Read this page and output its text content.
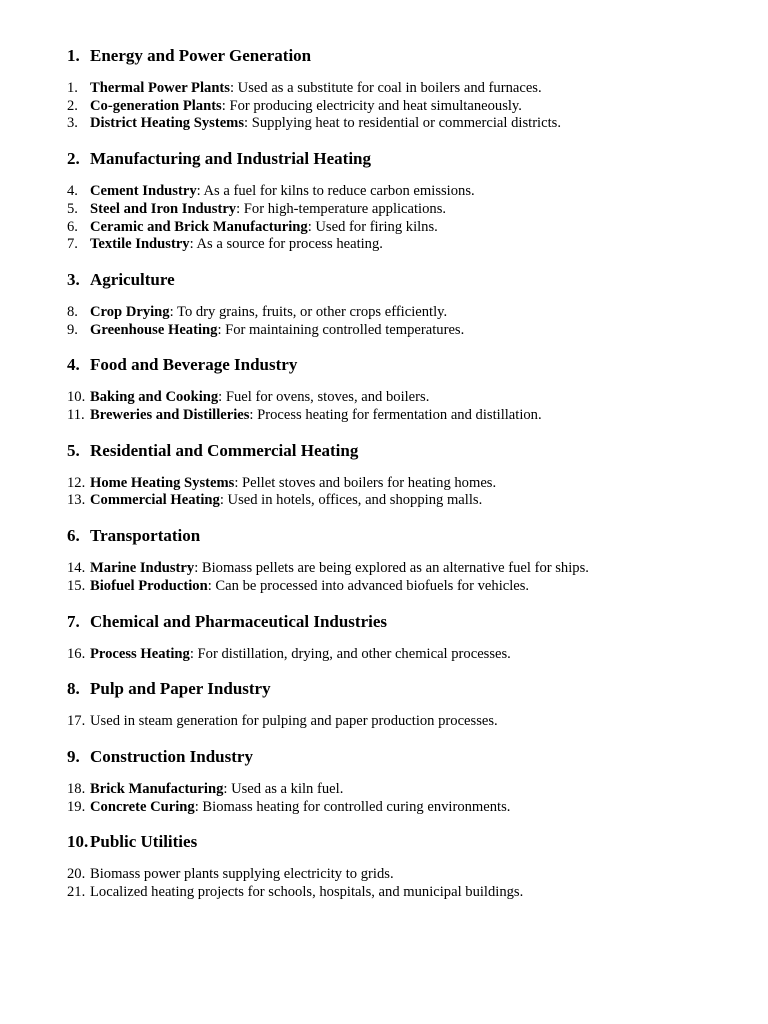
1. Energy and Power Generation
1. Thermal Power Plants: Used as a substitute for coal in boilers and furnaces.
2. Co-generation Plants: For producing electricity and heat simultaneously.
3. District Heating Systems: Supplying heat to residential or commercial districts.
2. Manufacturing and Industrial Heating
4. Cement Industry: As a fuel for kilns to reduce carbon emissions.
5. Steel and Iron Industry: For high-temperature applications.
6. Ceramic and Brick Manufacturing: Used for firing kilns.
7. Textile Industry: As a source for process heating.
3. Agriculture
8. Crop Drying: To dry grains, fruits, or other crops efficiently.
9. Greenhouse Heating: For maintaining controlled temperatures.
4. Food and Beverage Industry
10. Baking and Cooking: Fuel for ovens, stoves, and boilers.
11. Breweries and Distilleries: Process heating for fermentation and distillation.
5. Residential and Commercial Heating
12. Home Heating Systems: Pellet stoves and boilers for heating homes.
13. Commercial Heating: Used in hotels, offices, and shopping malls.
6. Transportation
14. Marine Industry: Biomass pellets are being explored as an alternative fuel for ships.
15. Biofuel Production: Can be processed into advanced biofuels for vehicles.
7. Chemical and Pharmaceutical Industries
16. Process Heating: For distillation, drying, and other chemical processes.
8. Pulp and Paper Industry
17. Used in steam generation for pulping and paper production processes.
9. Construction Industry
18. Brick Manufacturing: Used as a kiln fuel.
19. Concrete Curing: Biomass heating for controlled curing environments.
10. Public Utilities
20. Biomass power plants supplying electricity to grids.
21. Localized heating projects for schools, hospitals, and municipal buildings.
